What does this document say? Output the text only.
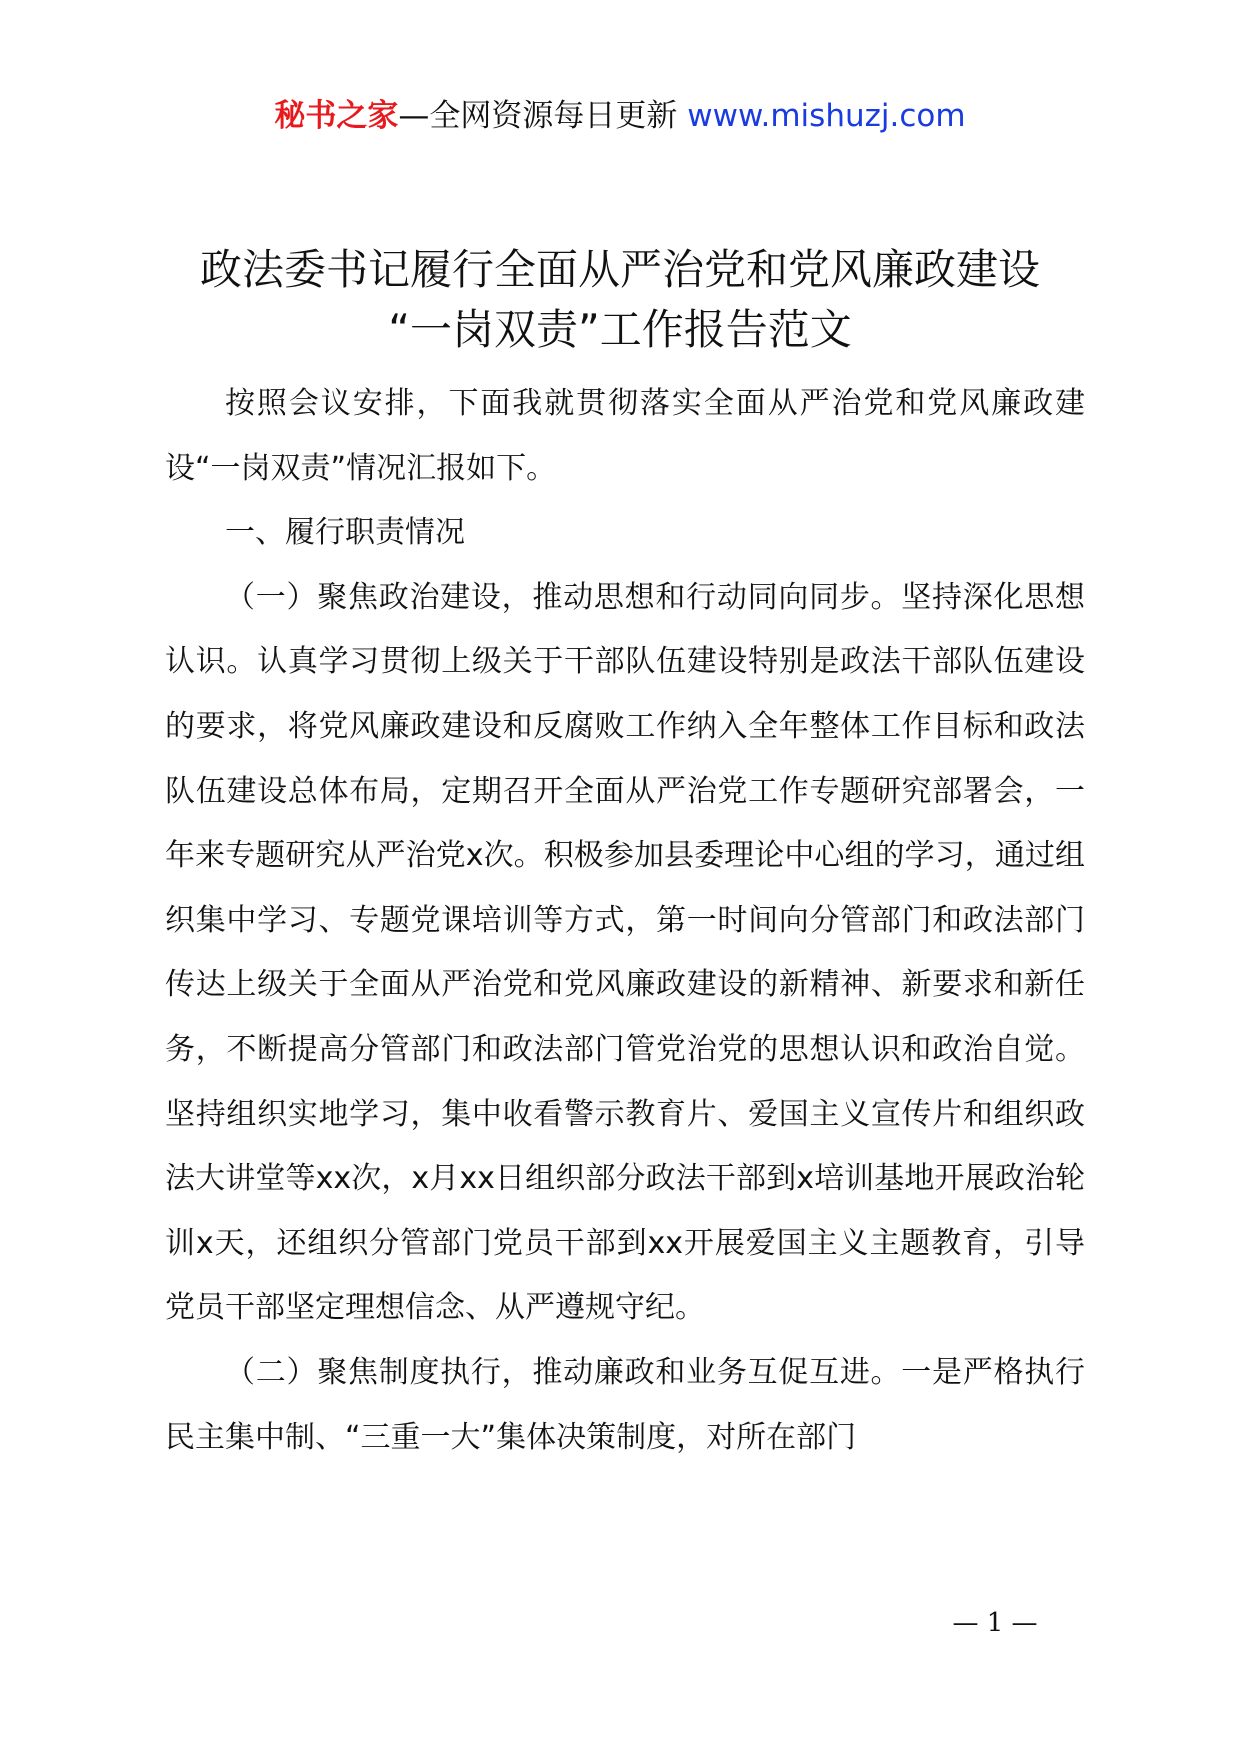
秘书之家—全网资源每日更新 www.mishuzj.com
政法委书记履行全面从严治党和党风廉政建设
“一岗双责”工作报告范文

按照会议安排，下面我就贯彻落实全面从严治党和党风廉政建设“一岗双责”情况汇报如下。

一、履行职责情况

（一）聚焦政治建设，推动思想和行动同向同步。坚持深化思想认识。认真学习贯彻上级关于干部队伍建设特别是政法干部队伍建设的要求，将党风廉政建设和反腐败工作纳入全年整体工作目标和政法队伍建设总体布局，定期召开全面从严治党工作专题研究部署会，一年来专题研究从严治党x次。积极参加县委理论中心组的学习，通过组织集中学习、专题党课培训等方式，第一时间向分管部门和政法部门传达上级关于全面从严治党和党风廉政建设的新精神、新要求和新任务，不断提高分管部门和政法部门管党治党的思想认识和政治自觉。坚持组织实地学习，集中收看警示教育片、爱国主义宣传片和组织政法大讲堂等xx次，x月xx日组织部分政法干部到x培训基地开展政治轮训x天，还组织分管部门党员干部到xx开展爱国主义主题教育，引导党员干部坚定理想信念、从严遵规守纪。

（二）聚焦制度执行，推动廉政和业务互促互进。一是严格执行民主集中制、“三重一大”集体决策制度，对所在部门

— 1 —
